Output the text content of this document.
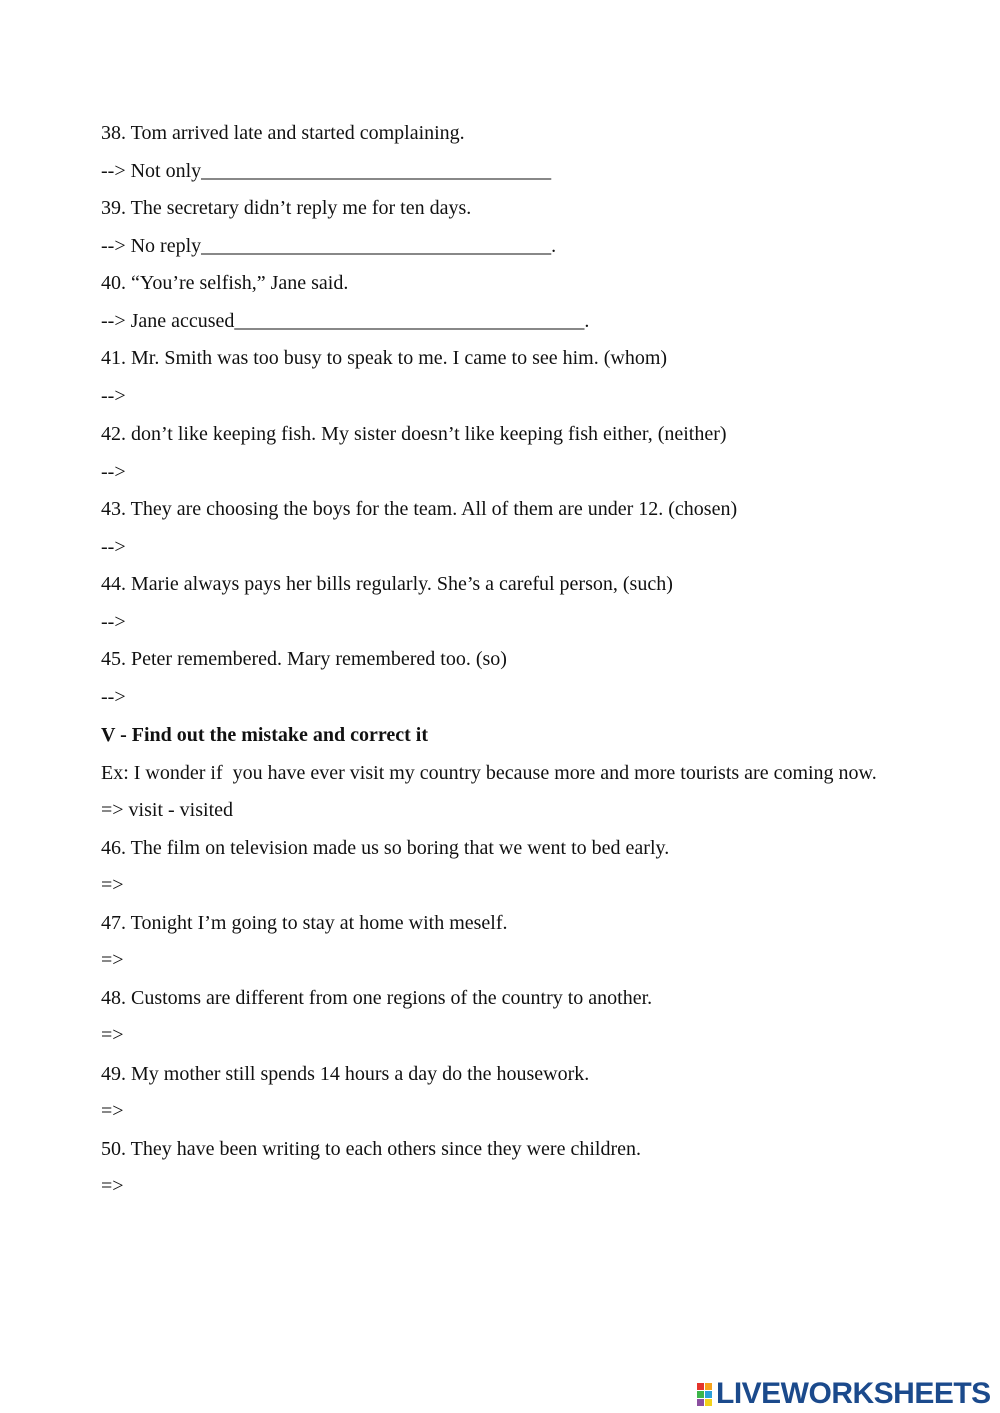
38. Tom arrived late and started complaining.
--> Not only___________________________________
39. The secretary didn’t reply me for ten days.
--> No reply___________________________________.
40. “You’re selfish,” Jane said.
--> Jane accused___________________________________.
41. Mr. Smith was too busy to speak to me. I came to see him. (whom)
-->
42. don’t like keeping fish. My sister doesn’t like keeping fish either, (neither)
-->
43. They are choosing the boys for the team. All of them are under 12. (chosen)
-->
44. Marie always pays her bills regularly. She’s a careful person, (such)
-->
45. Peter remembered. Mary remembered too. (so)
-->
V - Find out the mistake and correct it
Ex: I wonder if  you have ever visit my country because more and more tourists are coming now.
=> visit - visited
46. The film on television made us so boring that we went to bed early.
=>
47. Tonight I’m going to stay at home with meself.
=>
48. Customs are different from one regions of the country to another.
=>
49. My mother still spends 14 hours a day do the housework.
=>
50. They have been writing to each others since they were children.
=>
LIVEWORKSHEETS
